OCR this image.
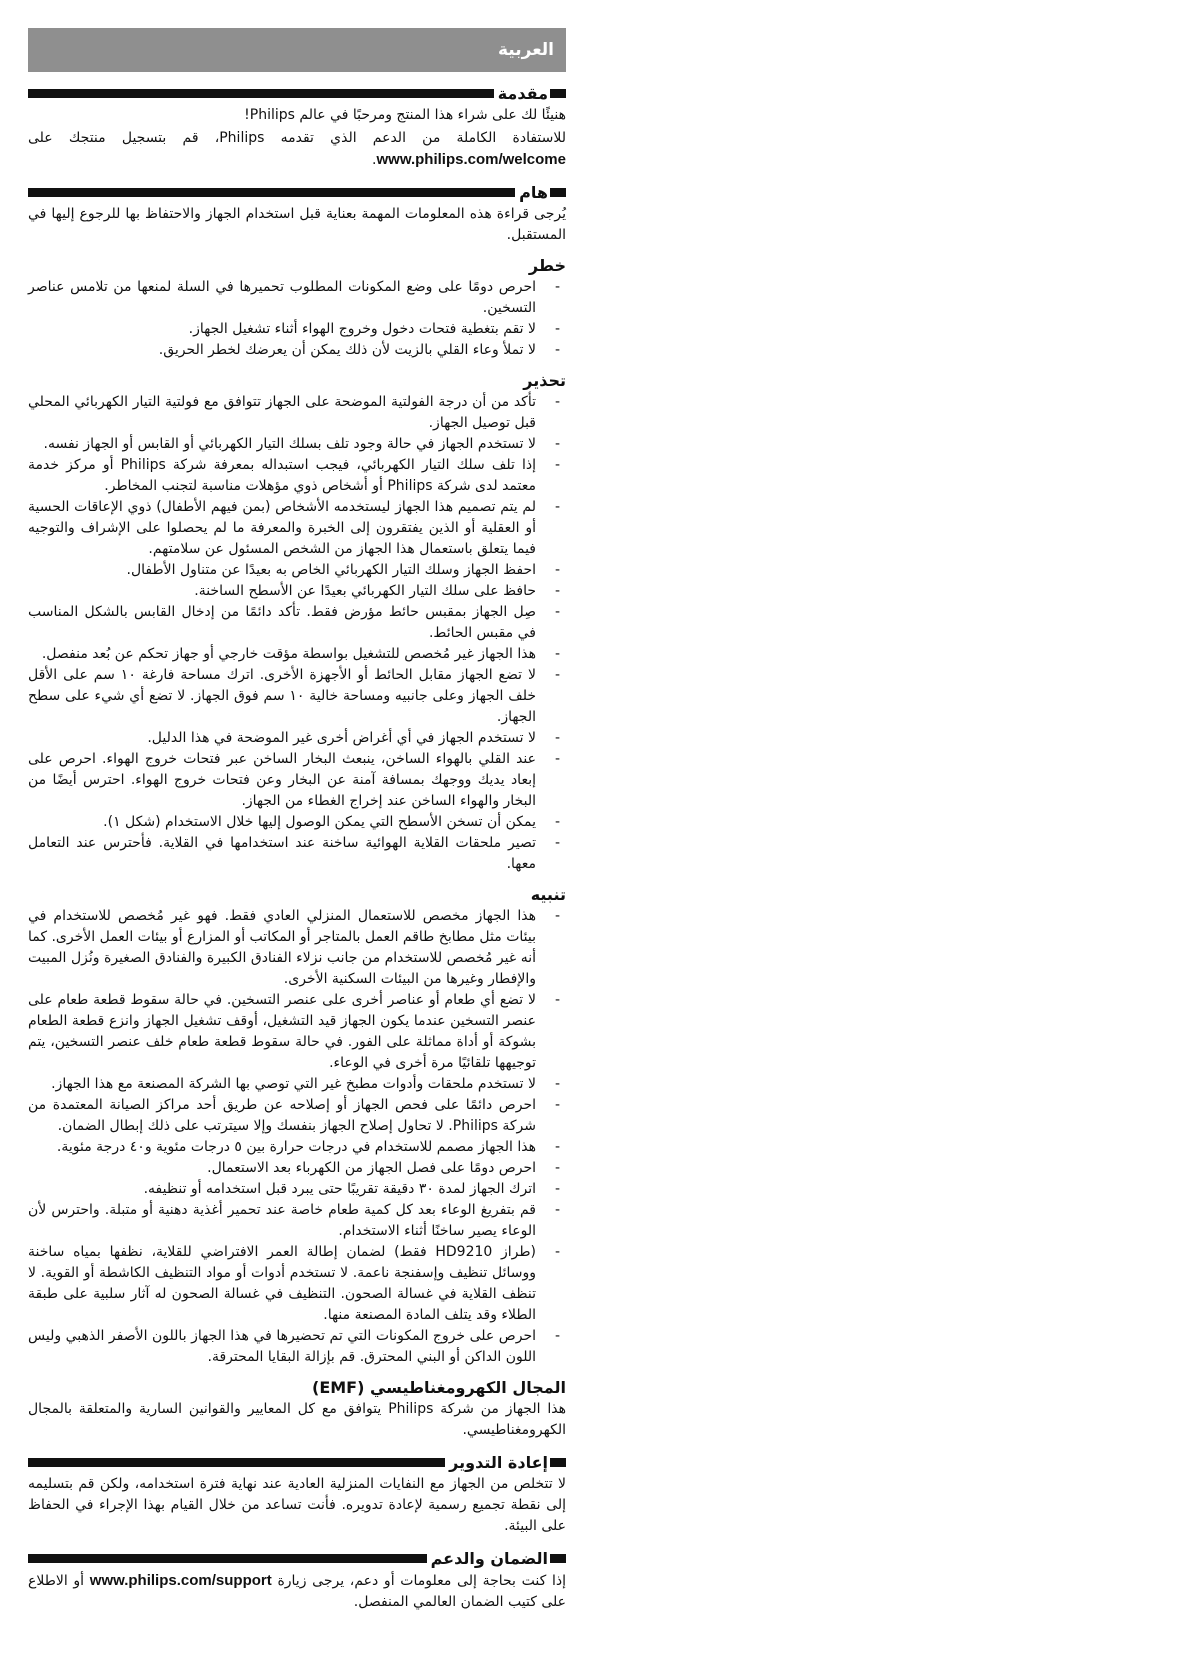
العربية
مقدمة

هنيئًا لك على شراء هذا المنتج ومرحبًا في عالم Philips!

للاستفادة الكاملة من الدعم الذي تقدمه Philips، قم بتسجيل منتجك على www.philips.com/welcome.

هام

يُرجى قراءة هذه المعلومات المهمة بعناية قبل استخدام الجهاز والاحتفاظ بها للرجوع إليها في المستقبل.

خطر
- احرص دومًا على وضع المكونات المطلوب تحميرها في السلة لمنعها من تلامس عناصر التسخين.
- لا تقم بتغطية فتحات دخول وخروج الهواء أثناء تشغيل الجهاز.
- لا تملأ وعاء القلي بالزيت لأن ذلك يمكن أن يعرضك لخطر الحريق.
تحذير
- تأكد من أن درجة الفولتية الموضحة على الجهاز تتوافق مع فولتية التيار الكهربائي المحلي قبل توصيل الجهاز.
- لا تستخدم الجهاز في حالة وجود تلف بسلك التيار الكهربائي أو القابس أو الجهاز نفسه.
- إذا تلف سلك التيار الكهربائي، فيجب استبداله بمعرفة شركة Philips أو مركز خدمة معتمد لدى شركة Philips أو أشخاص ذوي مؤهلات مناسبة لتجنب المخاطر.
- لم يتم تصميم هذا الجهاز ليستخدمه الأشخاص (بمن فيهم الأطفال) ذوي الإعاقات الحسية أو العقلية أو الذين يفتقرون إلى الخبرة والمعرفة ما لم يحصلوا على الإشراف والتوجيه فيما يتعلق باستعمال هذا الجهاز من الشخص المسئول عن سلامتهم.
- احفظ الجهاز وسلك التيار الكهربائي الخاص به بعيدًا عن متناول الأطفال.
- حافظ على سلك التيار الكهربائي بعيدًا عن الأسطح الساخنة.
- صِل الجهاز بمقبس حائط مؤرض فقط. تأكد دائمًا من إدخال القابس بالشكل المناسب في مقبس الحائط.
- هذا الجهاز غير مُخصص للتشغيل بواسطة مؤقت خارجي أو جهاز تحكم عن بُعد منفصل.
- لا تضع الجهاز مقابل الحائط أو الأجهزة الأخرى. اترك مساحة فارغة ١٠ سم على الأقل خلف الجهاز وعلى جانبيه ومساحة خالية ١٠ سم فوق الجهاز. لا تضع أي شيء على سطح الجهاز.
- لا تستخدم الجهاز في أي أغراض أخرى غير الموضحة في هذا الدليل.
- عند القلي بالهواء الساخن، ينبعث البخار الساخن عبر فتحات خروج الهواء. احرص على إبعاد يديك ووجهك بمسافة آمنة عن البخار وعن فتحات خروج الهواء. احترس أيضًا من البخار والهواء الساخن عند إخراج الغطاء من الجهاز.
- يمكن أن تسخن الأسطح التي يمكن الوصول إليها خلال الاستخدام (شكل ١).
- تصير ملحقات القلاية الهوائية ساخنة عند استخدامها في القلاية. فأحترس عند التعامل معها.
تنبيه
- هذا الجهاز مخصص للاستعمال المنزلي العادي فقط. فهو غير مُخصص للاستخدام في بيئات مثل مطابخ طاقم العمل بالمتاجر أو المكاتب أو المزارع أو بيئات العمل الأخرى. كما أنه غير مُخصص للاستخدام من جانب نزلاء الفنادق الكبيرة والفنادق الصغيرة ونُزل المبيت والإفطار وغيرها من البيئات السكنية الأخرى.
- لا تضع أي طعام أو عناصر أخرى على عنصر التسخين. في حالة سقوط قطعة طعام على عنصر التسخين عندما يكون الجهاز قيد التشغيل، أوقف تشغيل الجهاز وانزع قطعة الطعام بشوكة أو أداة مماثلة على الفور. في حالة سقوط قطعة طعام خلف عنصر التسخين، يتم توجيهها تلقائيًا مرة أخرى في الوعاء.
- لا تستخدم ملحقات وأدوات مطبخ غير التي توصي بها الشركة المصنعة مع هذا الجهاز.
- احرص دائمًا على فحص الجهاز أو إصلاحه عن طريق أحد مراكز الصيانة المعتمدة من شركة Philips. لا تحاول إصلاح الجهاز بنفسك وإلا سيترتب على ذلك إبطال الضمان.
- هذا الجهاز مصمم للاستخدام في درجات حرارة بين ٥ درجات مئوية و٤٠ درجة مئوية.
- احرص دومًا على فصل الجهاز من الكهرباء بعد الاستعمال.
- اترك الجهاز لمدة ٣٠ دقيقة تقريبًا حتى يبرد قبل استخدامه أو تنظيفه.
- قم بتفريغ الوعاء بعد كل كمية طعام خاصة عند تحمير أغذية دهنية أو متبلة. واحترس لأن الوعاء يصير ساخنًا أثناء الاستخدام.
- (طراز HD9210 فقط) لضمان إطالة العمر الافتراضي للقلاية، نظفها بمياه ساخنة ووسائل تنظيف وإسفنجة ناعمة. لا تستخدم أدوات أو مواد التنظيف الكاشطة أو القوية. لا تنظف القلاية في غسالة الصحون. التنظيف في غسالة الصحون له آثار سلبية على طبقة الطلاء وقد يتلف المادة المصنعة منها.
- احرص على خروج المكونات التي تم تحضيرها في هذا الجهاز باللون الأصفر الذهبي وليس اللون الداكن أو البني المحترق. قم بإزالة البقايا المحترقة.
المجال الكهرومغناطيسي (EMF)

هذا الجهاز من شركة Philips يتوافق مع كل المعايير والقوانين السارية والمتعلقة بالمجال الكهرومغناطيسي.

إعادة التدوير

لا تتخلص من الجهاز مع النفايات المنزلية العادية عند نهاية فترة استخدامه، ولكن قم بتسليمه إلى نقطة تجميع رسمية لإعادة تدويره. فأنت تساعد من خلال القيام بهذا الإجراء في الحفاظ على البيئة.

الضمان والدعم

إذا كنت بحاجة إلى معلومات أو دعم، يرجى زيارة www.philips.com/support أو الاطلاع على كتيب الضمان العالمي المنفصل.
